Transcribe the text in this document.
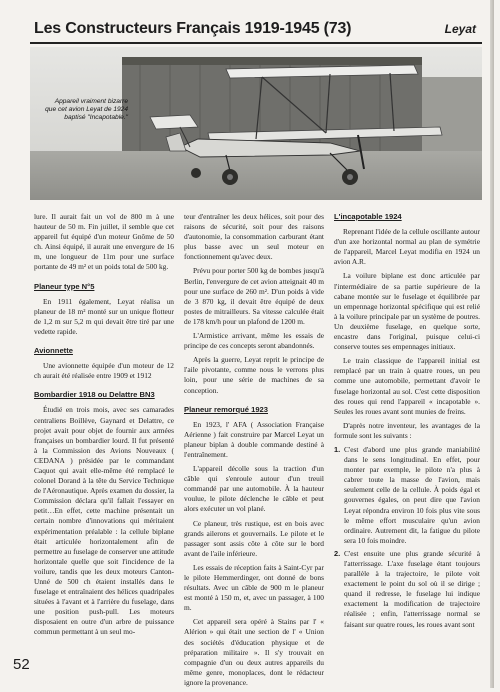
Les Constructeurs Français 1919-1945 (73)	Leyat
Appareil vraiment bizarre
que cet avion Leyat de 1924
baptisé "Incapotable."

lure. Il aurait fait un vol de 800 m à une hauteur de 50 m. Fin juillet, il semble que cet appareil fut équipé d'un moteur Gnôme de 50 ch. Ainsi équipé, il aurait une envergure de 16 m, une longueur de 11m pour une surface portante de 49 m² et un poids total de 500 kg.

Planeur type N°5

En 1911 également, Leyat réalisa un planeur de 18 m² monté sur un unique flotteur de 1,2 m sur 5,2 m qui devait être tiré par une vedette rapide.

Avionnette

Une avionnette équipée d'un moteur de 12 ch aurait été réalisée entre 1909 et 1912

Bombardier 1918 ou Delattre BN3

Étudié en trois mois, avec ses camarades centraliens Boillève, Gaynard et Delattre, ce projet avait pour objet de fournir aux armées françaises un bombardier lourd. Il fut présenté à la Commission des Avions Nouveaux ( CEDANA ) présidée par le commandant Caquot qui avait elle-même été remplacé le colonel Dorand à la tête du Service Technique de l'Aéronautique. Après examen du dossier, la Commission déclara qu'il fallait l'essayer en petit…En effet, cette machine présentait un certain nombre d'innovations qui méritaient expérimentation préalable : la cellule biplane était articulée horizontalement afin de permettre au fuselage de conserver une attitude horizontale quelle que soit l'incidence de la voilure, tandis que les deux moteurs Canton-Unné de 500 ch étaient installés dans le fuselage et entraînaient des hélices quadripales situées à l'avant et à l'arrière du fuselage, dans une position push-pull. Les moteurs disposaient en outre d'un arbre de puissance commun permettant à un seul mo-

teur d'entraîner les deux hélices, soit pour des raisons de sécurité, soit pour des raisons d'autonomie, la consommation carburant étant plus basse avec un seul moteur en fonctionnement qu'avec deux.

Prévu pour porter 500 kg de bombes jusqu'à Berlin, l'envergure de cet avion atteignait 40 m pour une surface de 260 m². D'un poids à vide de 3 870 kg, il devait être équipé de deux postes de mitrailleurs. Sa vitesse calculée était de 178 km/h pour un plafond de 1200 m.

L'Armistice arrivant, même les essais de principe de ces concepts seront abandonnés.

Après la guerre, Leyat reprit le principe de l'aile pivotante, comme nous le verrons plus loin, pour une série de machines de sa conception.

Planeur remorqué 1923

En 1923, l' AFA ( Association Française Aérienne ) fait construire par Marcel Leyat un planeur biplan à double commande destiné à l'entraînement.

L'appareil décolle sous la traction d'un câble qui s'enroule autour d'un treuil commandé par une automobile. À la hauteur voulue, le pilote déclenche le câble et peut alors exécuter un vol plané.

Ce planeur, très rustique, est en bois avec grands ailerons et gouvernails. Le pilote et le passager sont assis côte à côte sur le bord avant de l'aile inférieure.

Les essais de réception faits à Saint-Cyr par le pilote Hemmerdinger, ont donné de bons résultats. Avec un câble de 900 m le planeur est monté à 150 m, et, avec un passager, à 100 m.

Cet appareil sera opéré à Stains par l' « Alérion » qui était une section de l' « Union des sociétés d'éducation physique et de préparation militaire ». Il s'y trouvait en compagnie d'un ou deux autres appareils du même genre, monoplaces, dont le rédacteur ignore la provenance.

L'incapotable 1924

Reprenant l'idée de la cellule oscillante autour d'un axe horizontal normal au plan de symétrie de l'appareil, Marcel Leyat modifia en 1924 un avion A.R.

La voilure biplane est donc articulée par l'intermédiaire de sa partie supérieure de la cabane montée sur le fuselage et équilibrée par un empennage horizontal spécifique qui est relié à la voilure principale par un système de poutres. Un deuxième fuselage, en quelque sorte, encastre dans l'original, puisque celui-ci conserve toutes ses empennages initiaux.

Le train classique de l'appareil initial est remplacé par un train à quatre roues, un peu comme une automobile, permettant d'avoir le fuselage horizontal au sol. C'est cette disposition des roues qui rend l'appareil « incapotable ». Seules les roues avant sont munies de freins.

D'après notre inventeur, les avantages de la formule sont les suivants :

1. C'est d'abord une plus grande maniabilité dans le sens longitudinal. En effet, pour monter par exemple, le pilote n'a plus à cabrer toute la masse de l'avion, mais seulement celle de la cellule. À poids égal et gouvernes égales, on peut dire que l'avion Leyat répondra environ 10 fois plus vite sous le même effort musculaire qu'un avion ordinaire. Autrement dit, la fatigue du pilote sera 10 fois moindre.
2. C'est ensuite une plus grande sécurité à l'atterrissage. L'axe fuselage étant toujours parallèle à la trajectoire, le pilote voit exactement le point du sol où il se dirige ; quand il redresse, le fuselage lui indique exactement la modification de trajectoire réalisée ; enfin, l'atterrissage normal se faisant sur quatre roues, les roues avant sont
52
